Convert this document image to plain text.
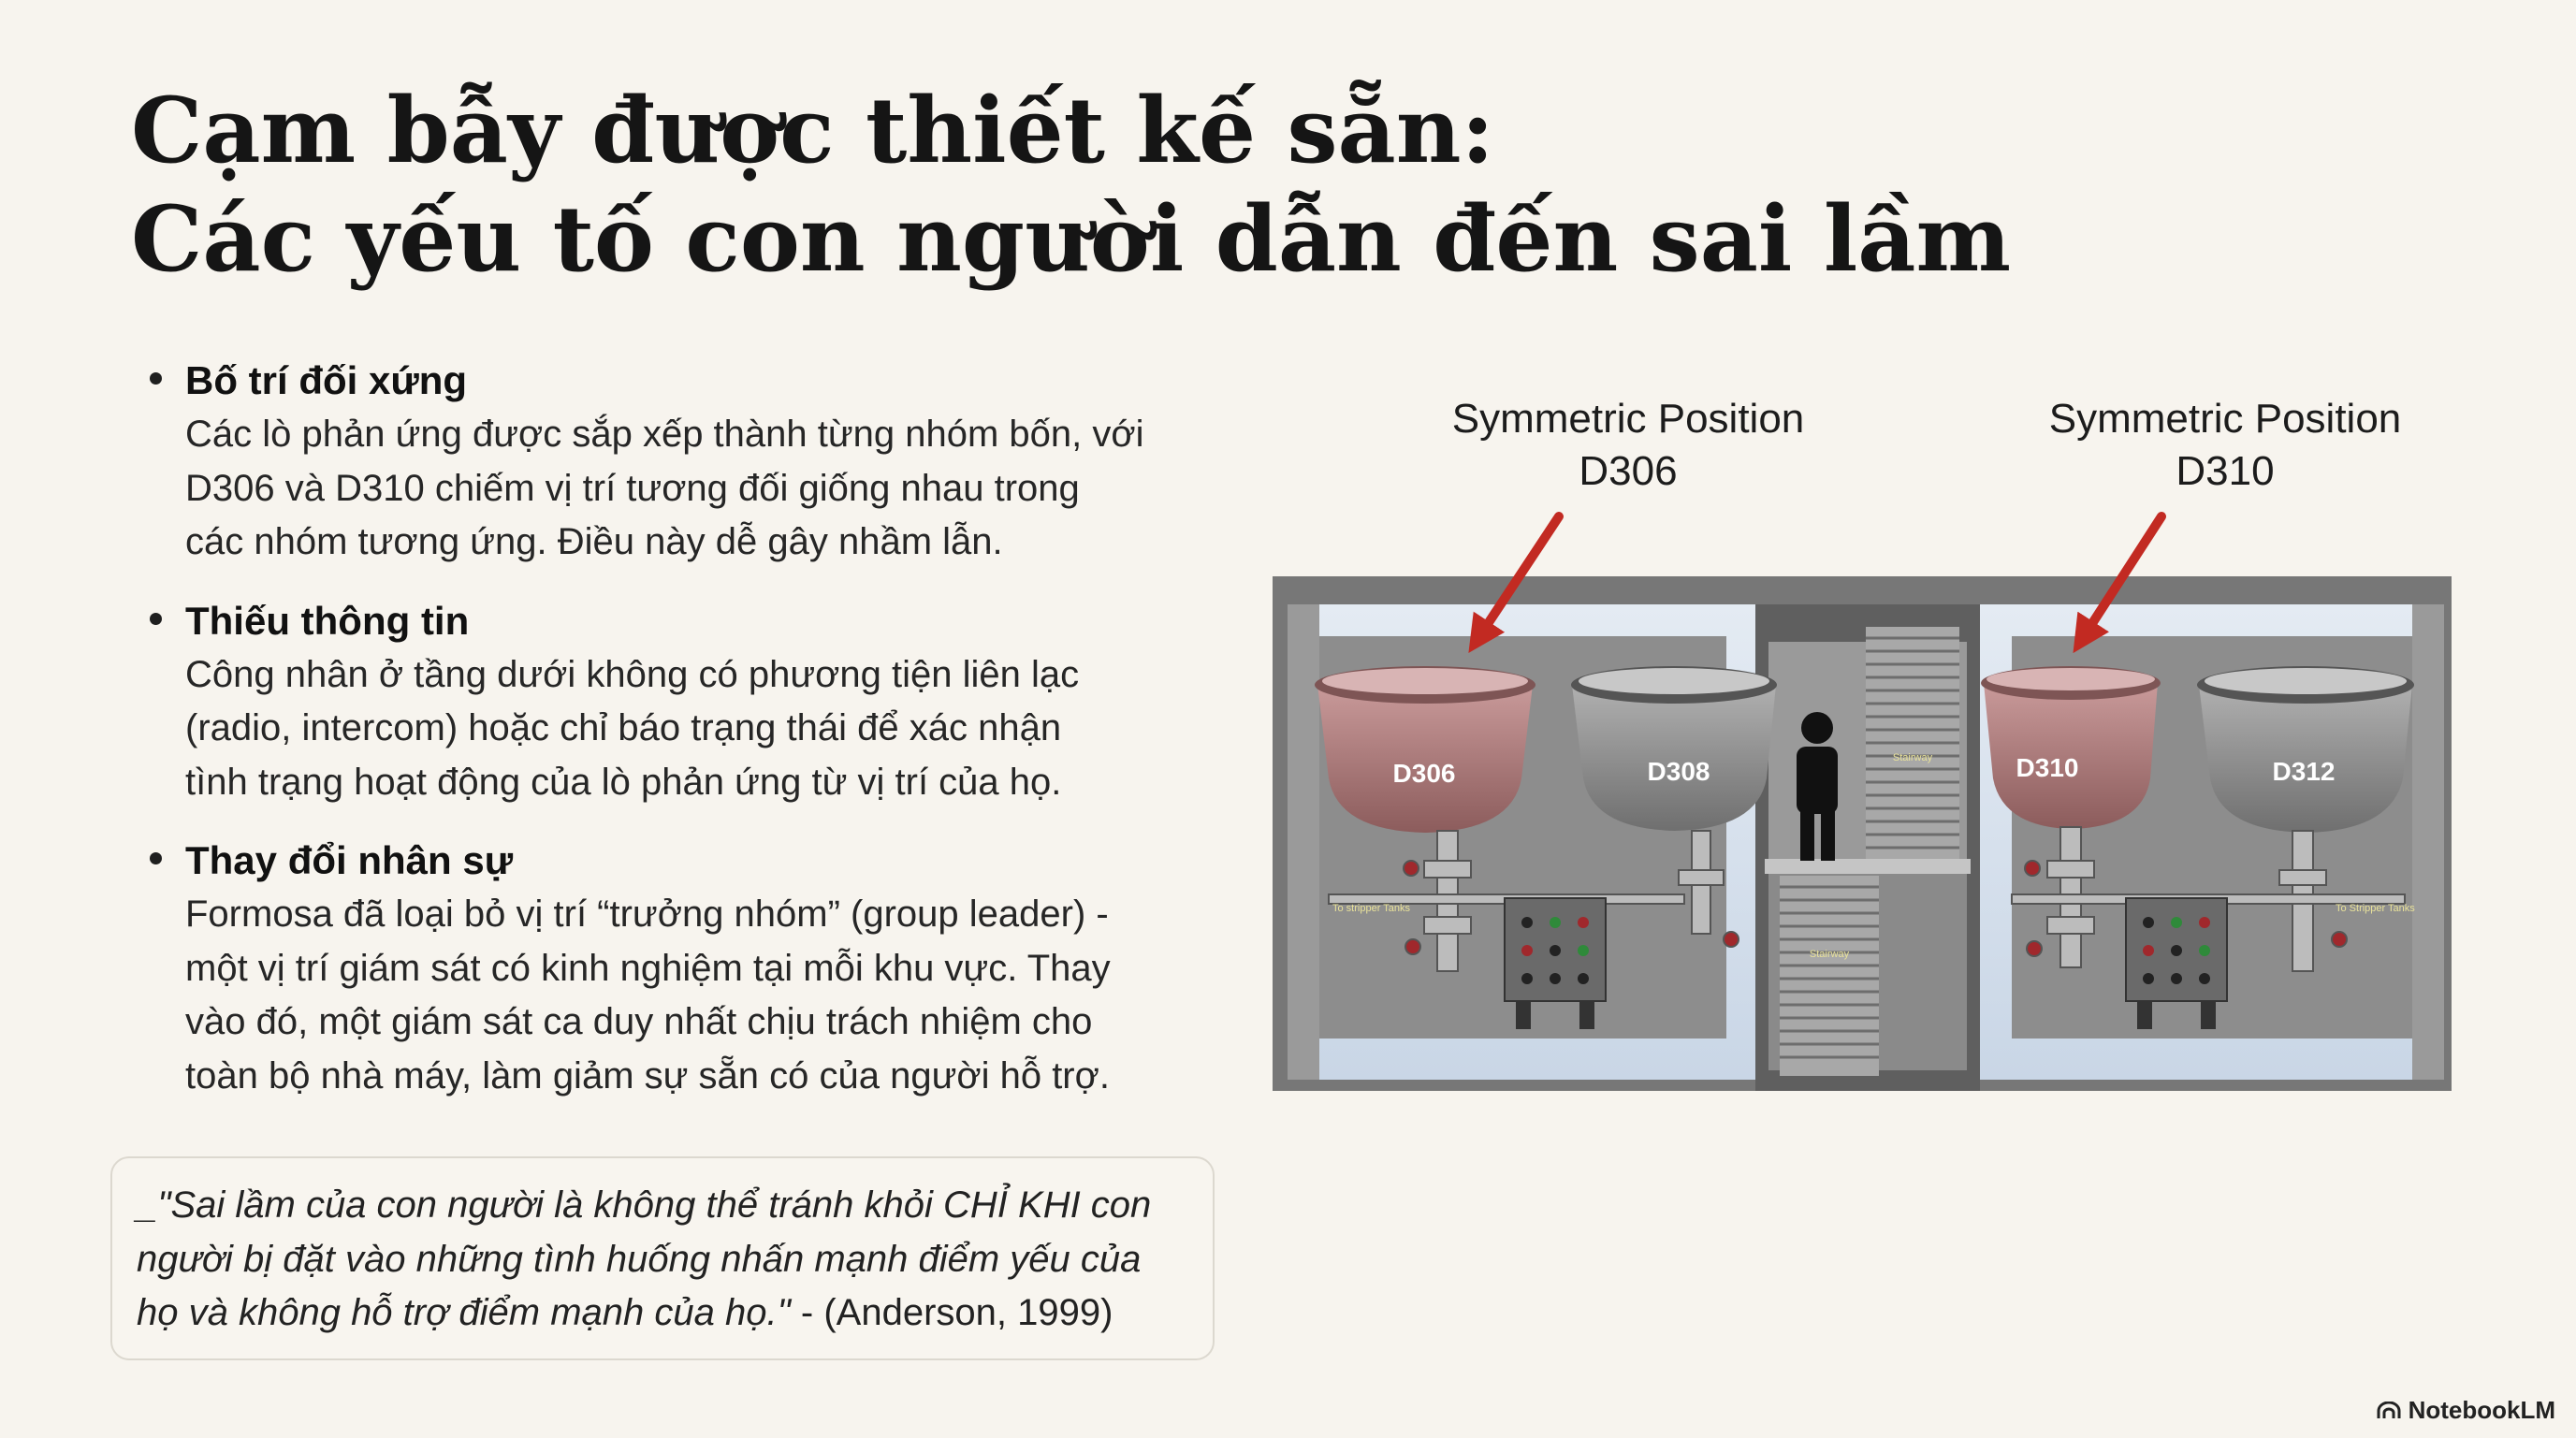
Cạm bẫy được thiết kế sẵn:
Các yếu tố con người dẫn đến sai lầm
Bố trí đối xứng
Các lò phản ứng được sắp xếp thành từng nhóm bốn, với
D306 và D310 chiếm vị trí tương đối giống nhau trong
các nhóm tương ứng. Điều này dễ gây nhầm lẫn.
Thiếu thông tin
Công nhân ở tầng dưới không có phương tiện liên lạc
(radio, intercom) hoặc chỉ báo trạng thái để xác nhận
tình trạng hoạt động của lò phản ứng từ vị trí của họ.
Thay đổi nhân sự
Formosa đã loại bỏ vị trí “trưởng nhóm” (group leader) -
một vị trí giám sát có kinh nghiệm tại mỗi khu vực. Thay
vào đó, một giám sát ca duy nhất chịu trách nhiệm cho
toàn bộ nhà máy, làm giảm sự sẵn có của người hỗ trợ.
_"Sai lầm của con người là không thể tránh khỏi CHỈ KHI con
người bị đặt vào những tình huống nhấn mạnh điểm yếu của
họ và không hỗ trợ điểm mạnh của họ." - (Anderson, 1999)
Symmetric Position
D306
Symmetric Position
D310
Stairway
Stairway
D306	D308	D310	D312
To stripper Tanks	To Stripper Tanks
NotebookLM
